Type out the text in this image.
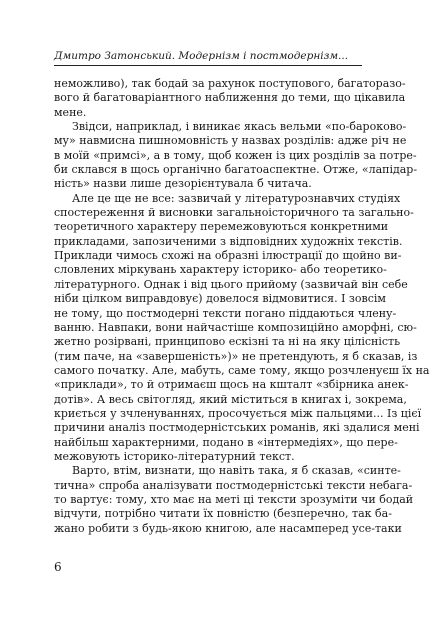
Дмитро Затонський. Модернізм і постмодернізм...
неможливо), так бодай за рахунок поступового, багаторазо-
вого й багатоваріантного наближення до теми, що цікавила
мене.
Звідси, наприклад, і виникає якась вельми «по-бароково-
му» навмисна пишномовність у назвах розділів: адже річ не
в моїй «примсі», а в тому, щоб кожен із цих розділів за потре-
би склався в щось органічно багатоаспектне. Отже, «лапідар-
ність» назви лише дезорієнтувала б читача.
Але це ще не все: зазвичай у літературознавчих студіях
спостереження й висновки загальноісторичного та загально-
теоретичного характеру перемежовуються конкретними
прикладами, запозиченими з відповідних художніх текстів.
Приклади чимось схожі на образні ілюстрації до щойно ви-
словлених міркувань характеру історико- або теоретико-
літературного. Однак і від цього прийому (зазвичай він себе
ніби цілком виправдовує) довелося відмовитися. І зовсім
не тому, що постмодерні тексти погано піддаються члену-
ванню. Навпаки, вони найчастіше композиційно аморфні, сю-
жетно розірвані, принципово ескізні та ні на яку цілісність
(тим паче, на «завершеність»)» не претендують, я б сказав, із
самого початку. Але, мабуть, саме тому, якщо розчленуєш їх на
«приклади», то й отримаєш щось на кшталт «збірника анек-
дотів». А весь світогляд, який міститься в книгах і, зокрема,
криється у зчленуваннях, просочується між пальцями... Із цієї
причини аналіз постмодерністських романів, які здалися мені
найбільш характерними, подано в «інтермедіях», що пере-
межовують історико-літературний текст.
Варто, втім, визнати, що навіть така, я б сказав, «синте-
тична» спроба аналізувати постмодерністські тексти небага-
то вартує: тому, хто має на меті ці тексти зрозуміти чи бодай
відчути, потрібно читати їх повністю (безперечно, так ба-
жано робити з будь-якою книгою, але насамперед усе-таки
6
